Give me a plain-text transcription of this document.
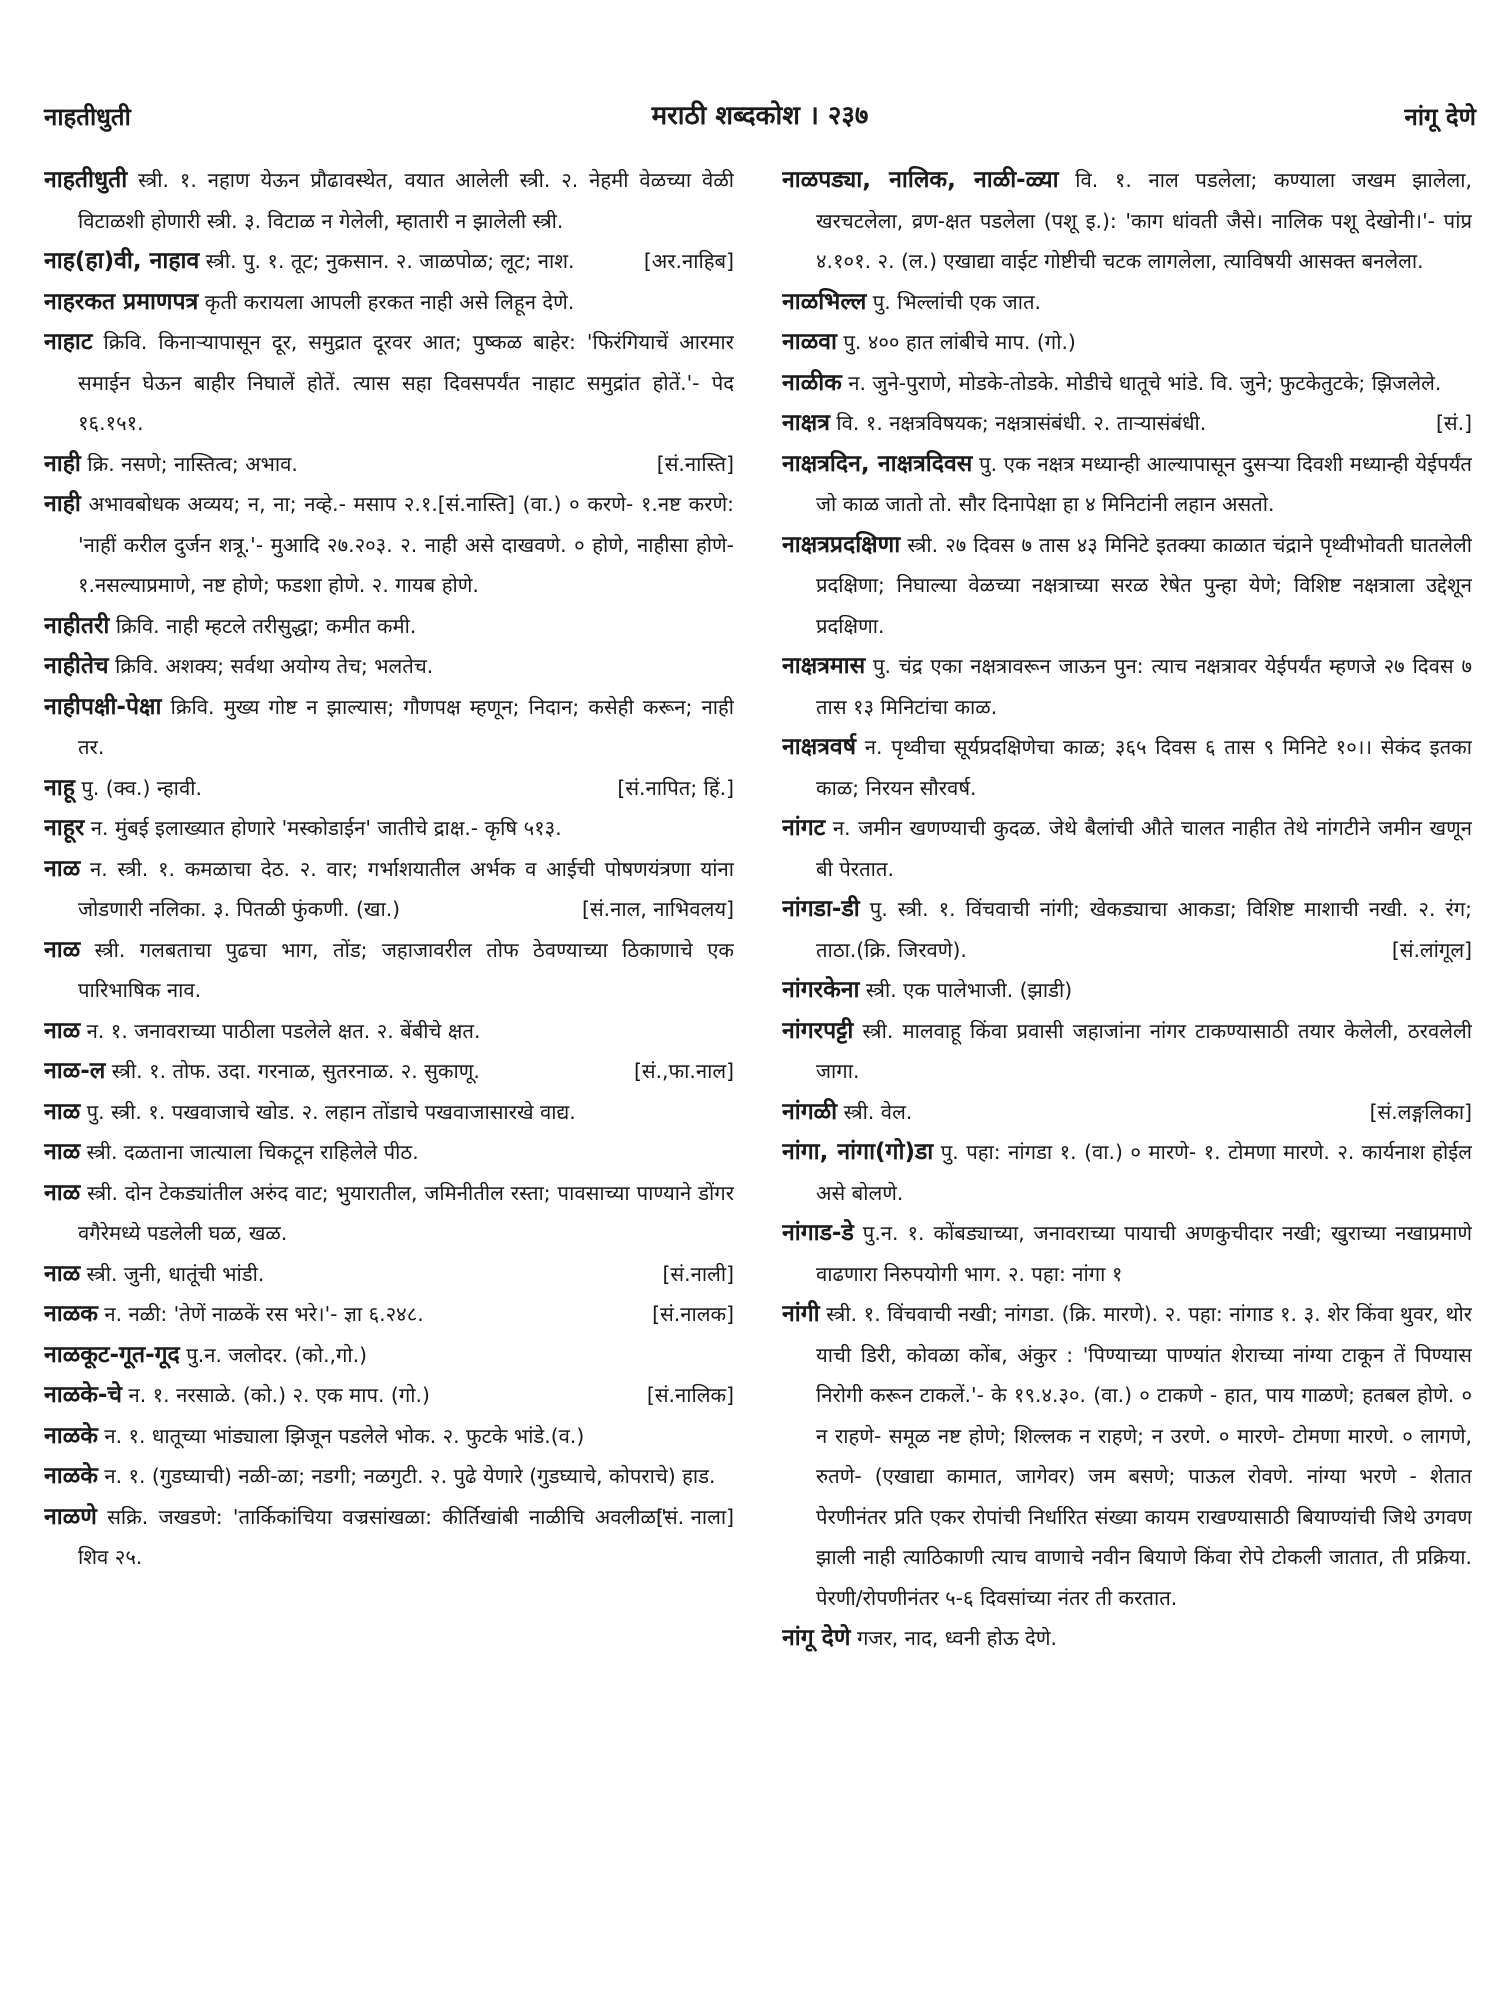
नाहतीधुती	मराठी शब्दकोश । २३७	नांगू देणे

नाहतीधुती स्त्री. १. नहाण येऊन प्रौढावस्थेत, वयात आलेली स्त्री. २. नेहमी वेळच्या वेळी विटाळशी होणारी स्त्री. ३. विटाळ न गेलेली, म्हातारी न झालेली स्त्री.

नाह(हा)वी, नाहाव स्त्री. पु. १. तूट; नुकसान. २. जाळपोळ; लूट; नाश.	[अर.नाहिब]

नाहरकत प्रमाणपत्र कृती करायला आपली हरकत नाही असे लिहून देणे.

नाहाट क्रिवि. किनाऱ्यापासून दूर, समुद्रात दूरवर आत; पुष्कळ बाहेर: 'फिरंगियाचें आरमार समाईन घेऊन बाहीर निघालें होतें. त्यास सहा दिवसपर्यंत नाहाट समुद्रांत होतें.'- पेद १६.१५१.

नाही क्रि. नसणे; नास्तित्व; अभाव.	[सं.नास्ति]

नाही अभावबोधक अव्यय; न, ना; नव्हे.- मसाप २.१.[सं.नास्ति] (वा.) ० करणे- १.नष्ट करणे: 'नाहीं करील दुर्जन शत्रू.'- मुआदि २७.२०३. २. नाही असे दाखवणे. ० होणे, नाहीसा होणे- १.नसल्याप्रमाणे, नष्ट होणे; फडशा होणे. २. गायब होणे.

नाहीतरी क्रिवि. नाही म्हटले तरीसुद्धा; कमीत कमी.

नाहीतेच क्रिवि. अशक्य; सर्वथा अयोग्य तेच; भलतेच.

नाहीपक्षी-पेक्षा क्रिवि. मुख्य गोष्ट न झाल्यास; गौणपक्ष म्हणून; निदान; कसेही करून; नाही तर.

नाहू पु. (क्व.) न्हावी.	[सं.नापित; हिं.]

नाहूर न. मुंबई इलाख्यात होणारे 'मस्कोडाईन' जातीचे द्राक्ष.- कृषि ५१३.

नाळ न. स्त्री. १. कमळाचा देठ. २. वार; गर्भाशयातील अर्भक व आईची पोषणयंत्रणा यांना जोडणारी नलिका. ३. पितळी फुंकणी. (खा.)	[सं.नाल, नाभिवलय]

नाळ स्त्री. गलबताचा पुढचा भाग, तोंड; जहाजावरील तोफ ठेवण्याच्या ठिकाणाचे एक पारिभाषिक नाव.

नाळ न. १. जनावराच्या पाठीला पडलेले क्षत. २. बेंबीचे क्षत.

नाळ-ल स्त्री. १. तोफ. उदा. गरनाळ, सुतरनाळ. २. सुकाणू.	[सं.,फा.नाल]

नाळ पु. स्त्री. १. पखवाजाचे खोड. २. लहान तोंडाचे पखवाजासारखे वाद्य.

नाळ स्त्री. दळताना जात्याला चिकटून राहिलेले पीठ.

नाळ स्त्री. दोन टेकड्यांतील अरुंद वाट; भुयारातील, जमिनीतील रस्ता; पावसाच्या पाण्याने डोंगर वगैरेमध्ये पडलेली घळ, खळ.

नाळ स्त्री. जुनी, धातूंची भांडी.	[सं.नाली]

नाळक न. नळी: 'तेणें नाळकें रस भरे।'- ज्ञा ६.२४८.	[सं.नालक]

नाळकूट-गूत-गूद पु.न. जलोदर. (को.,गो.)

नाळके-चे न. १. नरसाळे. (को.) २. एक माप. (गो.)	[सं.नालिक]

नाळके न. १. धातूच्या भांड्याला झिजून पडलेले भोक. २. फुटके भांडे.(व.)

नाळके न. १. (गुडघ्याची) नळी-ळा; नडगी; नळगुटी. २. पुढे येणारे (गुडघ्याचे, कोपराचे) हाड.
[सं. नाला]

नाळणे सक्रि. जखडणे: 'तार्किकांचिया वज्रसांखळा: कीर्तिखांबी नाळीचि अवलीळा'- शिव २५.

नाळपड्या, नालिक, नाळी-ळ्या वि. १. नाल पडलेला; कण्याला जखम झालेला, खरचटलेला, व्रण-क्षत पडलेला (पशू इ.): 'काग धांवती जैसे। नालिक पशू देखोनी।'- पांप्र ४.१०१. २. (ल.) एखाद्या वाईट गोष्टीची चटक लागलेला, त्याविषयी आसक्त बनलेला.

नाळभिल्ल पु. भिल्लांची एक जात.

नाळवा पु. ४०० हात लांबीचे माप. (गो.)

नाळीक न. जुने-पुराणे, मोडके-तोडके. मोडीचे धातूचे भांडे. वि. जुने; फुटकेतुटके; झिजलेले.

नाक्षत्र वि. १. नक्षत्रविषयक; नक्षत्रासंबंधी. २. ताऱ्यासंबंधी.	[सं.]

नाक्षत्रदिन, नाक्षत्रदिवस पु. एक नक्षत्र मध्यान्ही आल्यापासून दुसऱ्या दिवशी मध्यान्ही येईपर्यंत जो काळ जातो तो. सौर दिनापेक्षा हा ४ मिनिटांनी लहान असतो.

नाक्षत्रप्रदक्षिणा स्त्री. २७ दिवस ७ तास ४३ मिनिटे इतक्या काळात चंद्राने पृथ्वीभोवती घातलेली प्रदक्षिणा; निघाल्या वेळच्या नक्षत्राच्या सरळ रेषेत पुन्हा येणे; विशिष्ट नक्षत्राला उद्देशून प्रदक्षिणा.

नाक्षत्रमास पु. चंद्र एका नक्षत्रावरून जाऊन पुन: त्याच नक्षत्रावर येईपर्यंत म्हणजे २७ दिवस ७ तास १३ मिनिटांचा काळ.

नाक्षत्रवर्ष न. पृथ्वीचा सूर्यप्रदक्षिणेचा काळ; ३६५ दिवस ६ तास ९ मिनिटे १०।। सेकंद इतका काळ; निरयन सौरवर्ष.

नांगट न. जमीन खणण्याची कुदळ. जेथे बैलांची औते चालत नाहीत तेथे नांगटीने जमीन खणून बी पेरतात.

नांगडा-डी पु. स्त्री. १. विंचवाची नांगी; खेकड्याचा आकडा; विशिष्ट माशाची नखी. २. रंग; ताठा.(क्रि. जिरवणे).	[सं.लांगूल]

नांगरकेना स्त्री. एक पालेभाजी. (झाडी)

नांगरपट्टी स्त्री. मालवाहू किंवा प्रवासी जहाजांना नांगर टाकण्यासाठी तयार केलेली, ठरवलेली जागा.

नांगळी स्त्री. वेल.	[सं.लङ्गलिका]

नांगा, नांगा(गो)डा पु. पहा: नांगडा १. (वा.) ० मारणे- १. टोमणा मारणे. २. कार्यनाश होईल असे बोलणे.

नांगाड-डे पु.न. १. कोंबड्याच्या, जनावराच्या पायाची अणकुचीदार नखी; खुराच्या नखाप्रमाणे वाढणारा निरुपयोगी भाग. २. पहा: नांगा १

नांगी स्त्री. १. विंचवाची नखी; नांगडा. (क्रि. मारणे). २. पहा: नांगाड १. ३. शेर किंवा थुवर, थोर याची डिरी, कोवळा कोंब, अंकुर : 'पिण्याच्या पाण्यांत शेराच्या नांग्या टाकून तें पिण्यास निरोगी करून टाकलें.'- के १९.४.३०. (वा.) ० टाकणे - हात, पाय गाळणे; हतबल होणे. ० न राहणे- समूळ नष्ट होणे; शिल्लक न राहणे; न उरणे. ० मारणे- टोमणा मारणे. ० लागणे, रुतणे- (एखाद्या कामात, जागेवर) जम बसणे; पाऊल रोवणे. नांग्या भरणे - शेतात पेरणीनंतर प्रति एकर रोपांची निर्धारित संख्या कायम राखण्यासाठी बियाण्यांची जिथे उगवण झाली नाही त्याठिकाणी त्याच वाणाचे नवीन बियाणे किंवा रोपे टोकली जातात, ती प्रक्रिया. पेरणी/रोपणीनंतर ५-६ दिवसांच्या नंतर ती करतात.

नांगू देणे गजर, नाद, ध्वनी होऊ देणे.
